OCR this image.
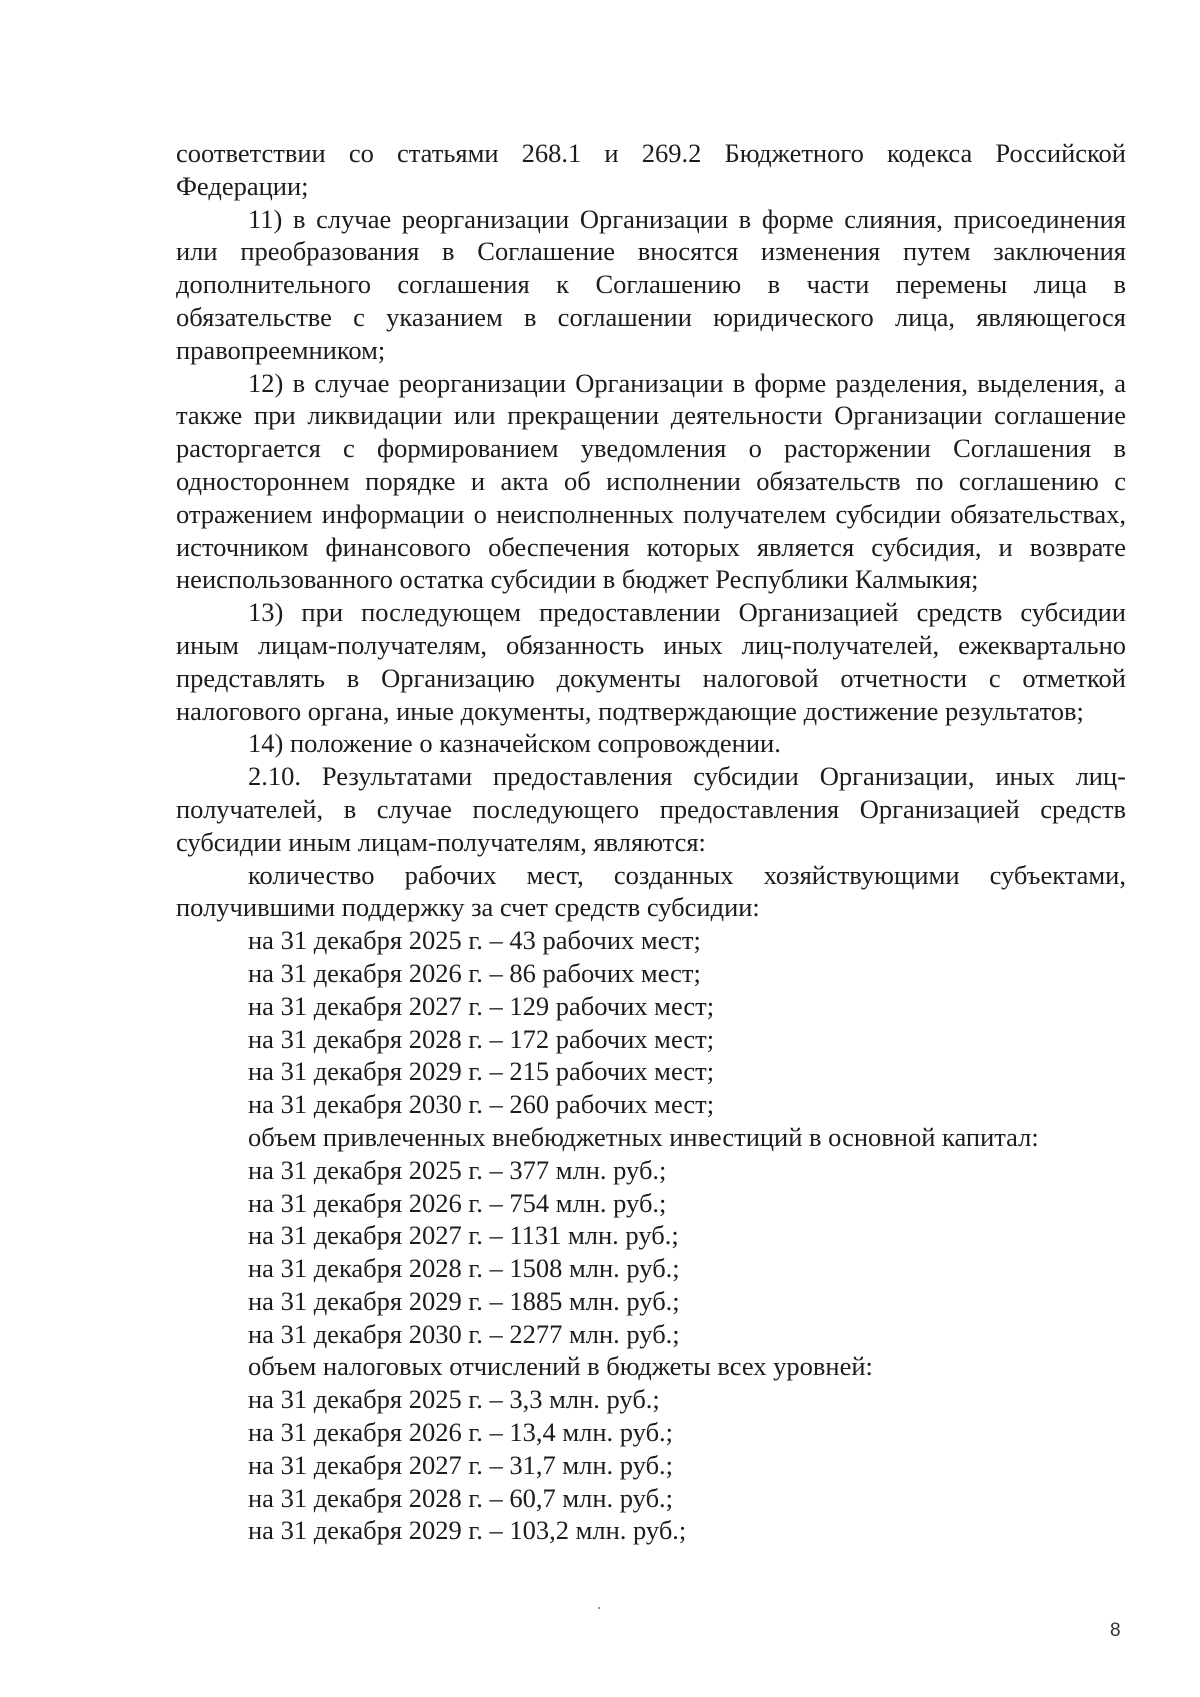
соответствии со статьями 268.1 и 269.2 Бюджетного кодекса Российской Федерации;

11) в случае реорганизации Организации в форме слияния, присоединения или преобразования в Соглашение вносятся изменения путем заключения дополнительного соглашения к Соглашению в части перемены лица в обязательстве с указанием в соглашении юридического лица, являющегося правопреемником;

12) в случае реорганизации Организации в форме разделения, выделения, а также при ликвидации или прекращении деятельности Организации соглашение расторгается с формированием уведомления о расторжении Соглашения в одностороннем порядке и акта об исполнении обязательств по соглашению с отражением информации о неисполненных получателем субсидии обязательствах, источником финансового обеспечения которых является субсидия, и возврате неиспользованного остатка субсидии в бюджет Республики Калмыкия;

13) при последующем предоставлении Организацией средств субсидии иным лицам-получателям, обязанность иных лиц-получателей, ежеквартально представлять в Организацию документы налоговой отчетности с отметкой налогового органа, иные документы, подтверждающие достижение результатов;

14) положение о казначейском сопровождении.

2.10. Результатами предоставления субсидии Организации, иных лиц-получателей, в случае последующего предоставления Организацией средств субсидии иным лицам-получателям, являются:

количество рабочих мест, созданных хозяйствующими субъектами, получившими поддержку за счет средств субсидии:

на 31 декабря 2025 г. – 43 рабочих мест;

на 31 декабря 2026 г. – 86 рабочих мест;

на 31 декабря 2027 г. – 129 рабочих мест;

на 31 декабря 2028 г. – 172 рабочих мест;

на 31 декабря 2029 г. – 215 рабочих мест;

на 31 декабря 2030 г. – 260 рабочих мест;

объем привлеченных внебюджетных инвестиций в основной капитал:

на 31 декабря 2025 г. – 377 млн. руб.;

на 31 декабря 2026 г. – 754 млн. руб.;

на 31 декабря 2027 г. – 1131 млн. руб.;

на 31 декабря 2028 г. – 1508 млн. руб.;

на 31 декабря 2029 г. – 1885 млн. руб.;

на 31 декабря 2030 г. – 2277 млн. руб.;

объем налоговых отчислений в бюджеты всех уровней:

на 31 декабря 2025 г. – 3,3 млн. руб.;

на 31 декабря 2026 г. – 13,4 млн. руб.;

на 31 декабря 2027 г. – 31,7 млн. руб.;

на 31 декабря 2028 г. – 60,7 млн. руб.;

на 31 декабря 2029 г. – 103,2 млн. руб.;

8
